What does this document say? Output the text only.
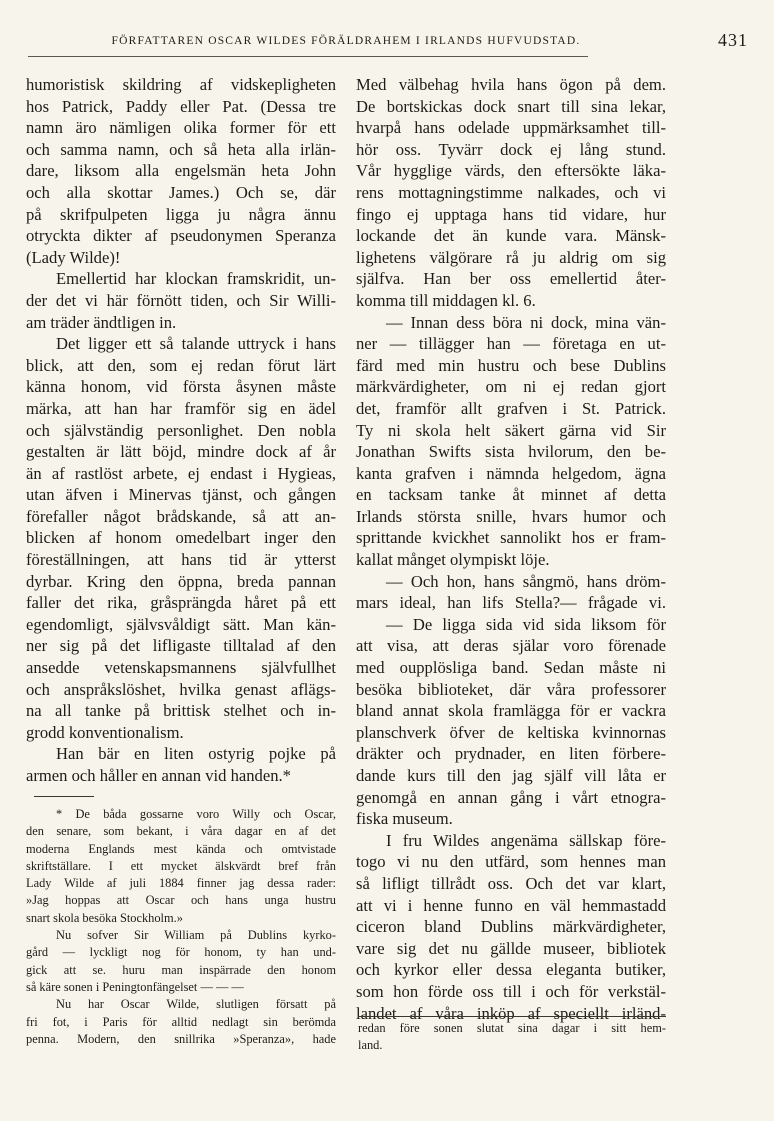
FÖRFATTAREN OSCAR WILDES FÖRÄLDRAHEM I IRLANDS HUFVUDSTAD.	431
humoristisk skildring af vidskepligheten
hos Patrick, Paddy eller Pat. (Dessa tre
namn äro nämligen olika former för ett
och samma namn, och så heta alla irlän-
dare, liksom alla engelsmän heta John
och alla skottar James.) Och se, där
på skrifpulpeten ligga ju några ännu
otryckta dikter af pseudonymen Speranza
(Lady Wilde)!
Emellertid har klockan framskridit, un-
der det vi här förnött tiden, och Sir Willi-
am träder ändtligen in.
Det ligger ett så talande uttryck i hans
blick, att den, som ej redan förut lärt
känna honom, vid första åsynen måste
märka, att han har framför sig en ädel
och självständig personlighet. Den nobla
gestalten är lätt böjd, mindre dock af år
än af rastlöst arbete, ej endast i Hygieas,
utan äfven i Minervas tjänst, och gången
förefaller något brådskande, så att an-
blicken af honom omedelbart inger den
föreställningen, att hans tid är ytterst
dyrbar. Kring den öppna, breda pannan
faller det rika, gråsprängda håret på ett
egendomligt, självsvåldigt sätt. Man kän-
ner sig på det lifligaste tilltalad af den
ansedde vetenskapsmannens självfullhet
och anspråkslöshet, hvilka genast aflägs-
na all tanke på brittisk stelhet och in-
grodd konventionalism.
Han bär en liten ostyrig pojke på
armen och håller en annan vid handen.*
Med välbehag hvila hans ögon på dem.
De bortskickas dock snart till sina lekar,
hvarpå hans odelade uppmärksamhet till-
hör oss. Tyvärr dock ej lång stund.
Vår hygglige värds, den eftersökte läka-
rens mottagningstimme nalkades, och vi
fingo ej upptaga hans tid vidare, hur
lockande det än kunde vara. Mänsk-
lighetens välgörare rå ju aldrig om sig
själfva. Han ber oss emellertid åter-
komma till middagen kl. 6.
— Innan dess böra ni dock, mina vän-
ner — tillägger han — företaga en ut-
färd med min hustru och bese Dublins
märkvärdigheter, om ni ej redan gjort
det, framför allt grafven i St. Patrick.
Ty ni skola helt säkert gärna vid Sir
Jonathan Swifts sista hvilorum, den be-
kanta grafven i nämnda helgedom, ägna
en tacksam tanke åt minnet af detta
Irlands största snille, hvars humor och
sprittande kvickhet sannolikt hos er fram-
kallat månget olympiskt löje.
— Och hon, hans sångmö, hans dröm-
mars ideal, han lifs Stella?— frågade vi.
— De ligga sida vid sida liksom för
att visa, att deras själar voro förenade
med oupplösliga band. Sedan måste ni
besöka biblioteket, där våra professorer
bland annat skola framlägga för er vackra
planschverk öfver de keltiska kvinnornas
dräkter och prydnader, en liten förbere-
dande kurs till den jag själf vill låta er
genomgå en annan gång i vårt etnogra-
fiska museum.
I fru Wildes angenäma sällskap före-
togo vi nu den utfärd, som hennes man
så lifligt tillrådt oss. Och det var klart,
att vi i henne funno en väl hemmastadd
ciceron bland Dublins märkvärdigheter,
vare sig det nu gällde museer, bibliotek
och kyrkor eller dessa eleganta butiker,
som hon förde oss till i och för verkstäl-
landet af våra inköp af speciellt irländ-
* De båda gossarne voro Willy och Oscar,
den senare, som bekant, i våra dagar en af det
moderna Englands mest kända och omtvistade
skriftställare. I ett mycket älskvärdt bref från
Lady Wilde af juli 1884 finner jag dessa rader:
»Jag hoppas att Oscar och hans unga hustru
snart skola besöka Stockholm.»
Nu sofver Sir William på Dublins kyrko-
gård — lyckligt nog för honom, ty han und-
gick att se. huru man inspärrade den honom
så käre sonen i Peningtonfängelset — — —
Nu har Oscar Wilde, slutligen försatt på
fri fot, i Paris för alltid nedlagt sin berömda
penna. Modern, den snillrika »Speranza», hade
redan före sonen slutat sina dagar i sitt hem-
land.
